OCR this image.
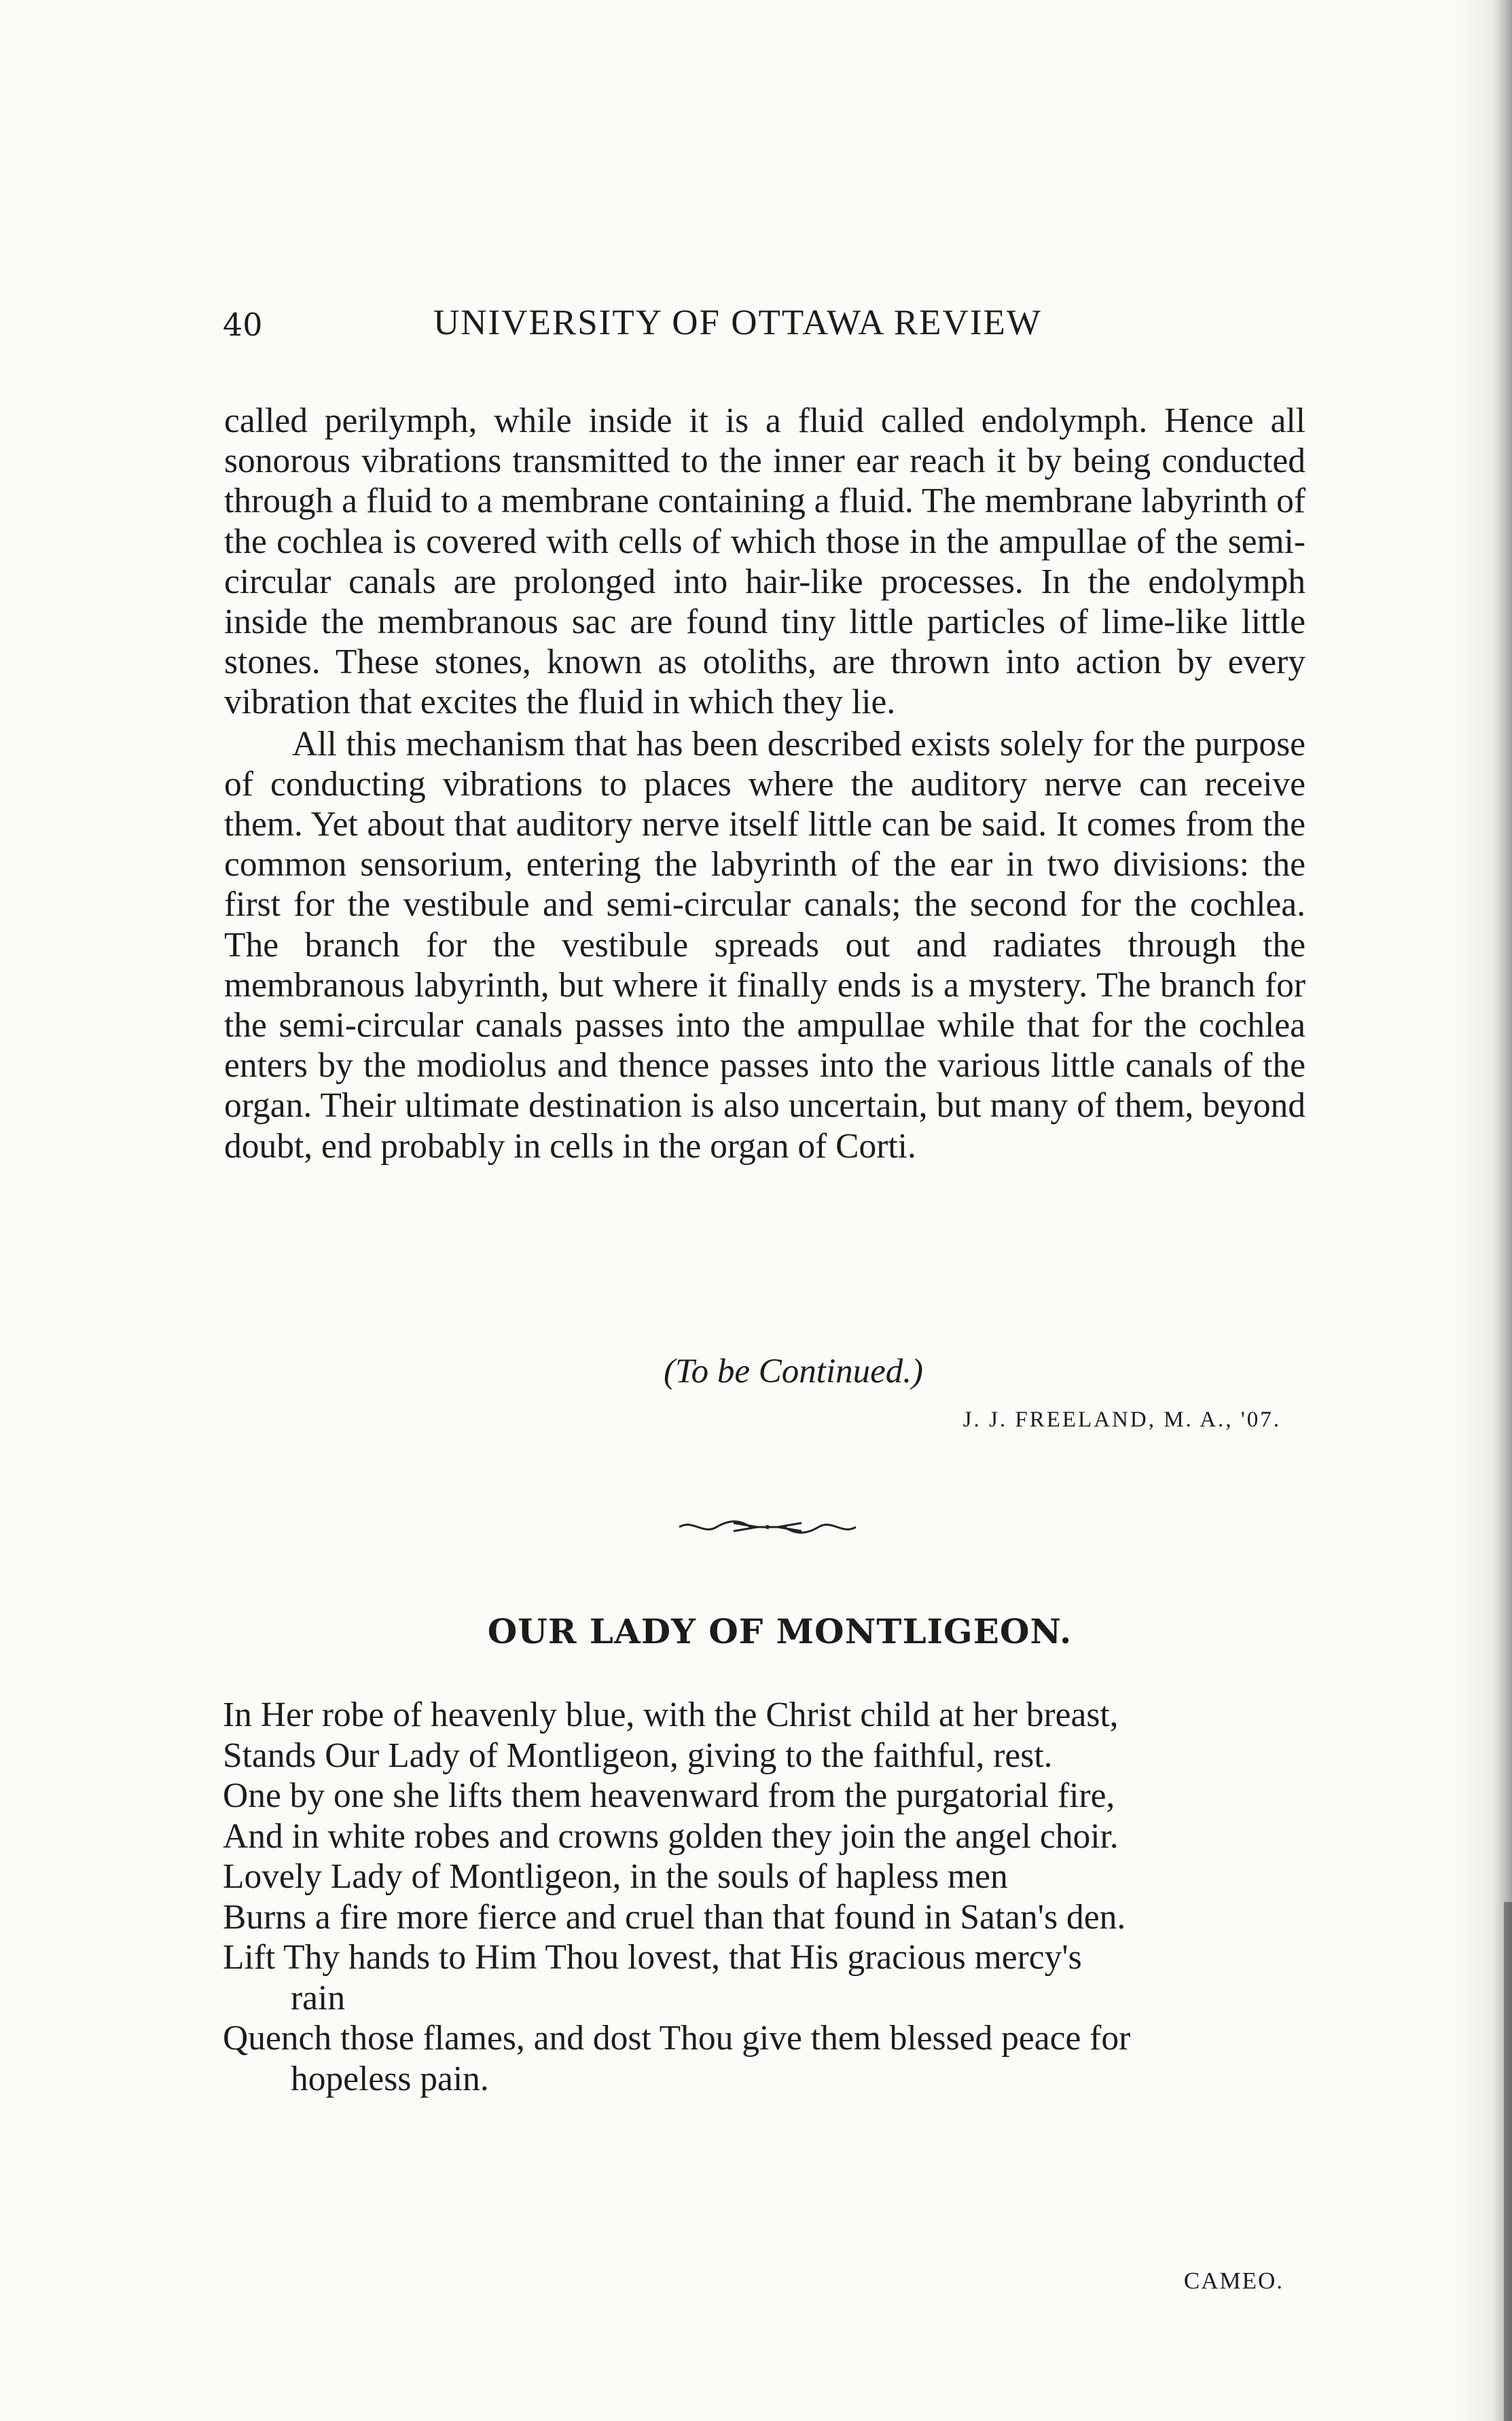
40	UNIVERSITY OF OTTAWA REVIEW

called perilymph, while inside it is a fluid called endolymph. Hence all sonorous vibrations transmitted to the inner ear reach it by being conducted through a fluid to a membrane containing a fluid. The membrane labyrinth of the cochlea is covered with cells of which those in the ampullae of the semi-circular canals are prolonged into hair-like processes. In the endolymph inside the membranous sac are found tiny little particles of lime-like little stones. These stones, known as otoliths, are thrown into action by every vibration that excites the fluid in which they lie.

All this mechanism that has been described exists solely for the purpose of conducting vibrations to places where the auditory nerve can receive them. Yet about that auditory nerve itself little can be said. It comes from the common sensorium, entering the labyrinth of the ear in two divisions: the first for the vestibule and semi-circular canals; the second for the cochlea. The branch for the vestibule spreads out and radiates through the membranous labyrinth, but where it finally ends is a mystery. The branch for the semi-circular canals passes into the ampullae while that for the cochlea enters by the modiolus and thence passes into the various little canals of the organ. Their ultimate destination is also uncertain, but many of them, beyond doubt, end probably in cells in the organ of Corti.

(To be Continued.)
J. J. FREELAND, M. A., '07.
OUR LADY OF MONTLIGEON.
In Her robe of heavenly blue, with the Christ child at her breast,
Stands Our Lady of Montligeon, giving to the faithful, rest.
One by one she lifts them heavenward from the purgatorial fire,
And in white robes and crowns golden they join the angel choir.
Lovely Lady of Montligeon, in the souls of hapless men
Burns a fire more fierce and cruel than that found in Satan's den.
Lift Thy hands to Him Thou lovest, that His gracious mercy's
rain
Quench those flames, and dost Thou give them blessed peace for
hopeless pain.
CAMEO.
